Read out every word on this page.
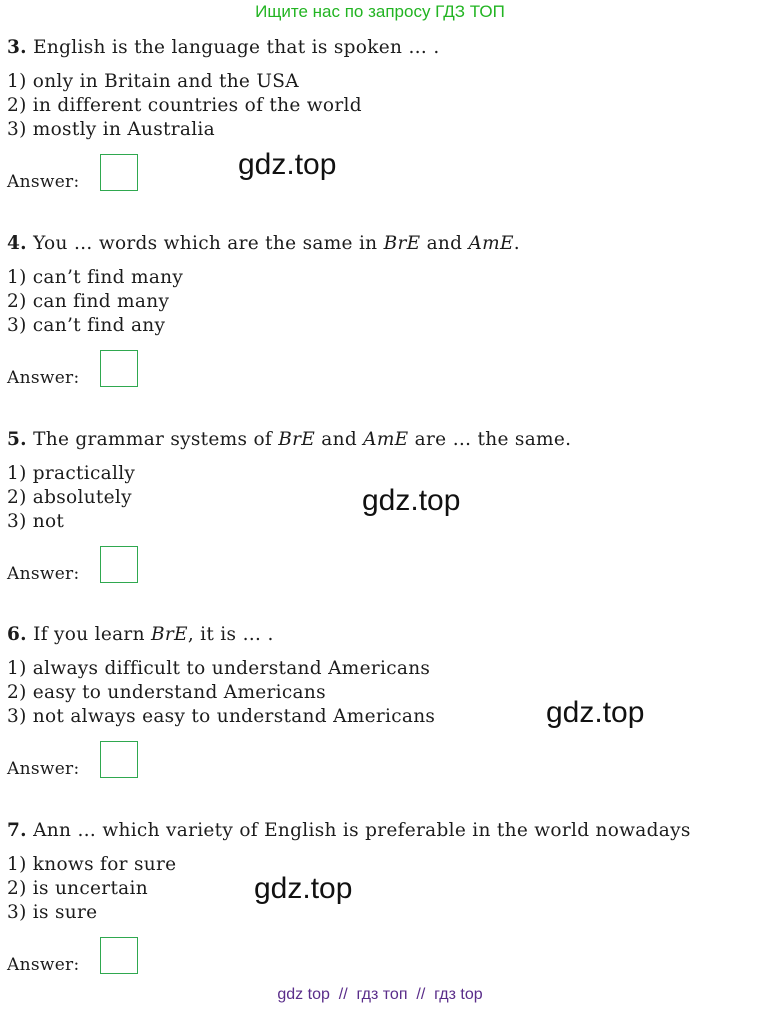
Ищите нас по запросу ГДЗ ТОП
3. English is the language that is spoken … .
1) only in Britain and the USA
2) in different countries of the world
3) mostly in Australia
Answer:
4. You … words which are the same in BrE and AmE.
1) can’t find many
2) can find many
3) can’t find any
Answer:
5. The grammar systems of BrE and AmE are … the same.
1) practically
2) absolutely
3) not
Answer:
6. If you learn BrE, it is … .
1) always difficult to understand Americans
2) easy to understand Americans
3) not always easy to understand Americans
Answer:
7. Ann … which variety of English is preferable in the world nowadays
1) knows for sure
2) is uncertain
3) is sure
Answer:
gdz.top
gdz.top
gdz.top
gdz.top
gdz top  //  гдз топ  //  гдз top
